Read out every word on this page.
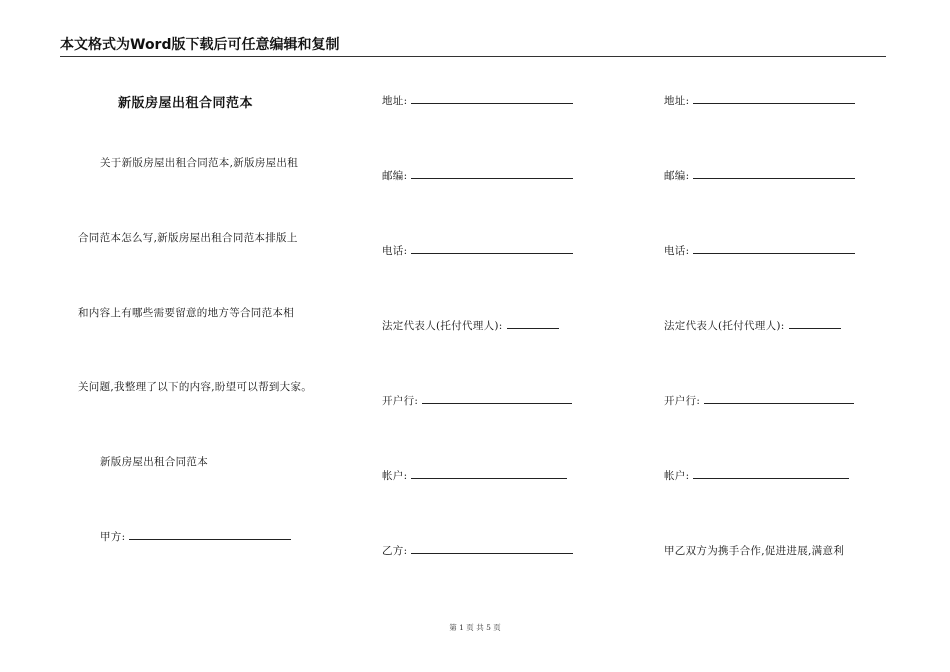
本文格式为Word版下载后可任意编辑和复制
新版房屋出租合同范本
关于新版房屋出租合同范本,新版房屋出租
合同范本怎么写,新版房屋出租合同范本排版上
和内容上有哪些需要留意的地方等合同范本相
关问题,我整理了以下的内容,盼望可以帮到大家。
新版房屋出租合同范本
甲方:
地址:
邮编:
电话:
法定代表人(托付代理人):
开户行:
帐户:
乙方:
地址:
邮编:
电话:
法定代表人(托付代理人):
开户行:
帐户:
甲乙双方为携手合作,促进进展,满意利
第 1 页 共 5 页
